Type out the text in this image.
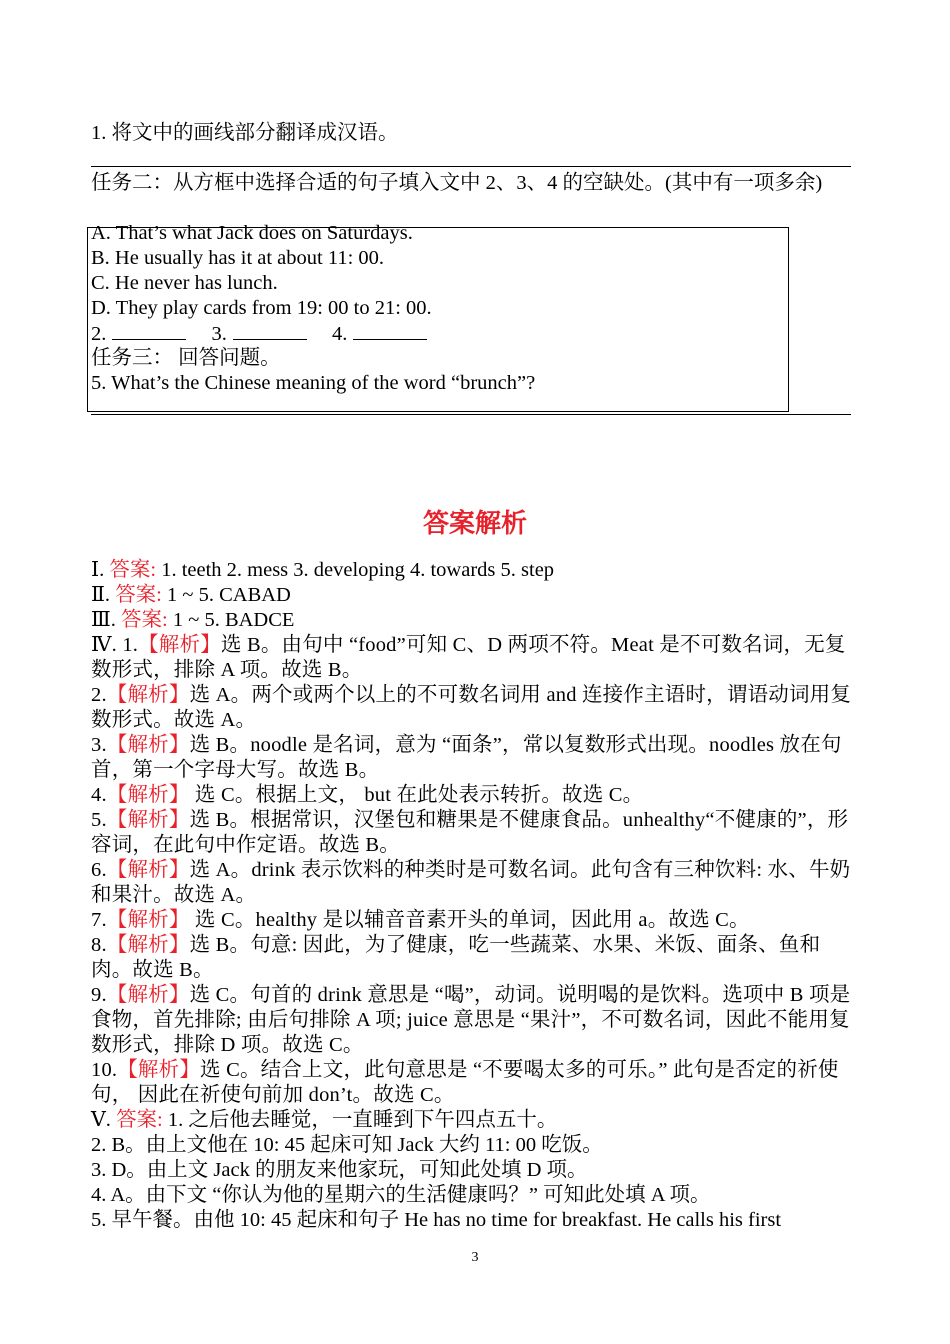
1. 将文中的画线部分翻译成汉语。

任务二：从方框中选择合适的句子填入文中 2、3、4 的空缺处。(其中有一项多余)

A. That’s what Jack does on Saturdays.

B. He usually has it at about 11: 00.

C. He never has lunch.

D. They play cards from 19: 00 to 21: 00.

2.	3.	4.

任务三： 回答问题。

5. What’s the Chinese meaning of the word “brunch”?

答案解析

Ⅰ. 答案: 1. teeth 2. mess 3. developing 4. towards 5. step

Ⅱ. 答案: 1 ~ 5. CABAD

Ⅲ. 答案: 1 ~ 5. BADCE

Ⅳ. 1.【解析】选 B。由句中 “food”可知 C、D 两项不符。Meat 是不可数名词，无复数形式，排除 A 项。故选 B。

2.【解析】选 A。两个或两个以上的不可数名词用 and 连接作主语时，谓语动词用复数形式。故选 A。

3.【解析】选 B。noodle 是名词，意为 “面条”，常以复数形式出现。noodles 放在句首，第一个字母大写。故选 B。

4.【解析】 选 C。根据上文， but 在此处表示转折。故选 C。

5.【解析】选 B。根据常识，汉堡包和糖果是不健康食品。unhealthy“不健康的”，形容词，在此句中作定语。故选 B。

6.【解析】选 A。drink 表示饮料的种类时是可数名词。此句含有三种饮料: 水、牛奶和果汁。故选 A。

7.【解析】 选 C。healthy 是以辅音音素开头的单词，因此用 a。故选 C。

8.【解析】选 B。句意: 因此，为了健康，吃一些蔬菜、水果、米饭、面条、鱼和肉。故选 B。

9.【解析】选 C。句首的 drink 意思是 “喝”，动词。说明喝的是饮料。选项中 B 项是食物，首先排除; 由后句排除 A 项; juice 意思是 “果汁”，不可数名词，因此不能用复数形式，排除 D 项。故选 C。

10.【解析】选 C。结合上文，此句意思是 “不要喝太多的可乐。” 此句是否定的祈使句， 因此在祈使句前加 don’t。故选 C。

Ⅴ. 答案: 1. 之后他去睡觉，一直睡到下午四点五十。

2. B。由上文他在 10: 45 起床可知 Jack 大约 11: 00 吃饭。

3. D。由上文 Jack 的朋友来他家玩，可知此处填 D 项。

4. A。由下文 “你认为他的星期六的生活健康吗？” 可知此处填 A 项。

5. 早午餐。由他 10: 45 起床和句子 He has no time for breakfast. He calls his first

3
